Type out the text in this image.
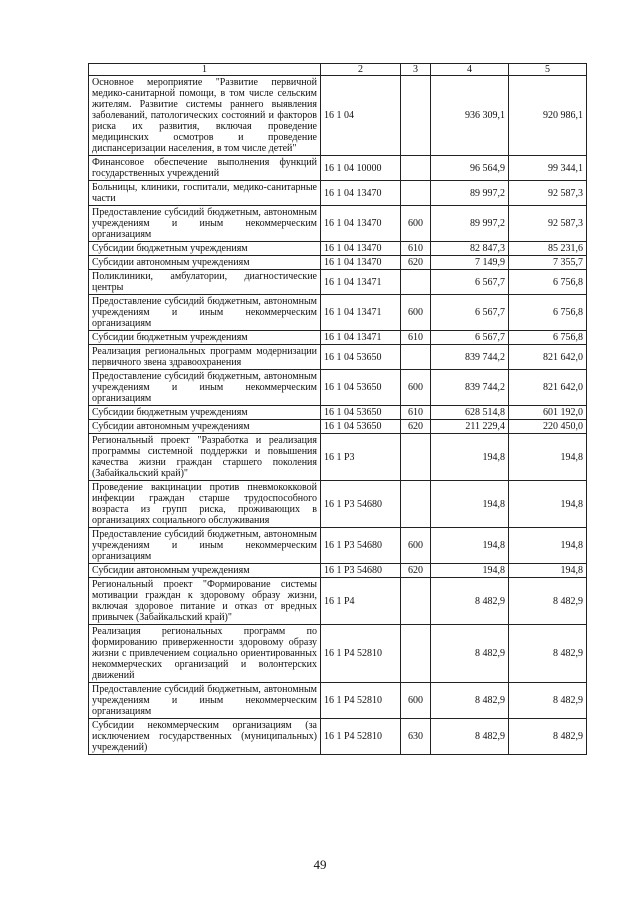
1	2	3	4	5
Основное мероприятие "Развитие первичной медико-санитарной помощи, в том числе сельским жителям. Развитие системы раннего выявления заболеваний, патологических состояний и факторов риска их развития, включая проведение медицинских осмотров и проведение диспансеризации населения, в том числе детей"	16 1 04		936 309,1	920 986,1
Финансовое обеспечение выполнения функций государственных учреждений	16 1 04 10000		96 564,9	99 344,1
Больницы, клиники, госпитали, медико-санитарные части	16 1 04 13470		89 997,2	92 587,3
Предоставление субсидий бюджетным, автономным учреждениям и иным некоммерческим организациям	16 1 04 13470	600	89 997,2	92 587,3
Субсидии бюджетным учреждениям	16 1 04 13470	610	82 847,3	85 231,6
Субсидии автономным учреждениям	16 1 04 13470	620	7 149,9	7 355,7
Поликлиники, амбулатории, диагностические центры	16 1 04 13471		6 567,7	6 756,8
Предоставление субсидий бюджетным, автономным учреждениям и иным некоммерческим организациям	16 1 04 13471	600	6 567,7	6 756,8
Субсидии бюджетным учреждениям	16 1 04 13471	610	6 567,7	6 756,8
Реализация региональных программ модернизации первичного звена здравоохранения	16 1 04 53650		839 744,2	821 642,0
Предоставление субсидий бюджетным, автономным учреждениям и иным некоммерческим организациям	16 1 04 53650	600	839 744,2	821 642,0
Субсидии бюджетным учреждениям	16 1 04 53650	610	628 514,8	601 192,0
Субсидии автономным учреждениям	16 1 04 53650	620	211 229,4	220 450,0
Региональный проект "Разработка и реализация программы системной поддержки и повышения качества жизни граждан старшего поколения (Забайкальский край)"	16 1 P3		194,8	194,8
Проведение вакцинации против пневмококковой инфекции граждан старше трудоспособного возраста из групп риска, проживающих в организациях социального обслуживания	16 1 P3 54680		194,8	194,8
Предоставление субсидий бюджетным, автономным учреждениям и иным некоммерческим организациям	16 1 P3 54680	600	194,8	194,8
Субсидии автономным учреждениям	16 1 P3 54680	620	194,8	194,8
Региональный проект "Формирование системы мотивации граждан к здоровому образу жизни, включая здоровое питание и отказ от вредных привычек (Забайкальский край)"	16 1 P4		8 482,9	8 482,9
Реализация региональных программ по формированию приверженности здоровому образу жизни с привлечением социально ориентированных некоммерческих организаций и волонтерских движений	16 1 P4 52810		8 482,9	8 482,9
Предоставление субсидий бюджетным, автономным учреждениям и иным некоммерческим организациям	16 1 P4 52810	600	8 482,9	8 482,9
Субсидии некоммерческим организациям (за исключением государственных (муниципальных) учреждений)	16 1 P4 52810	630	8 482,9	8 482,9
49
